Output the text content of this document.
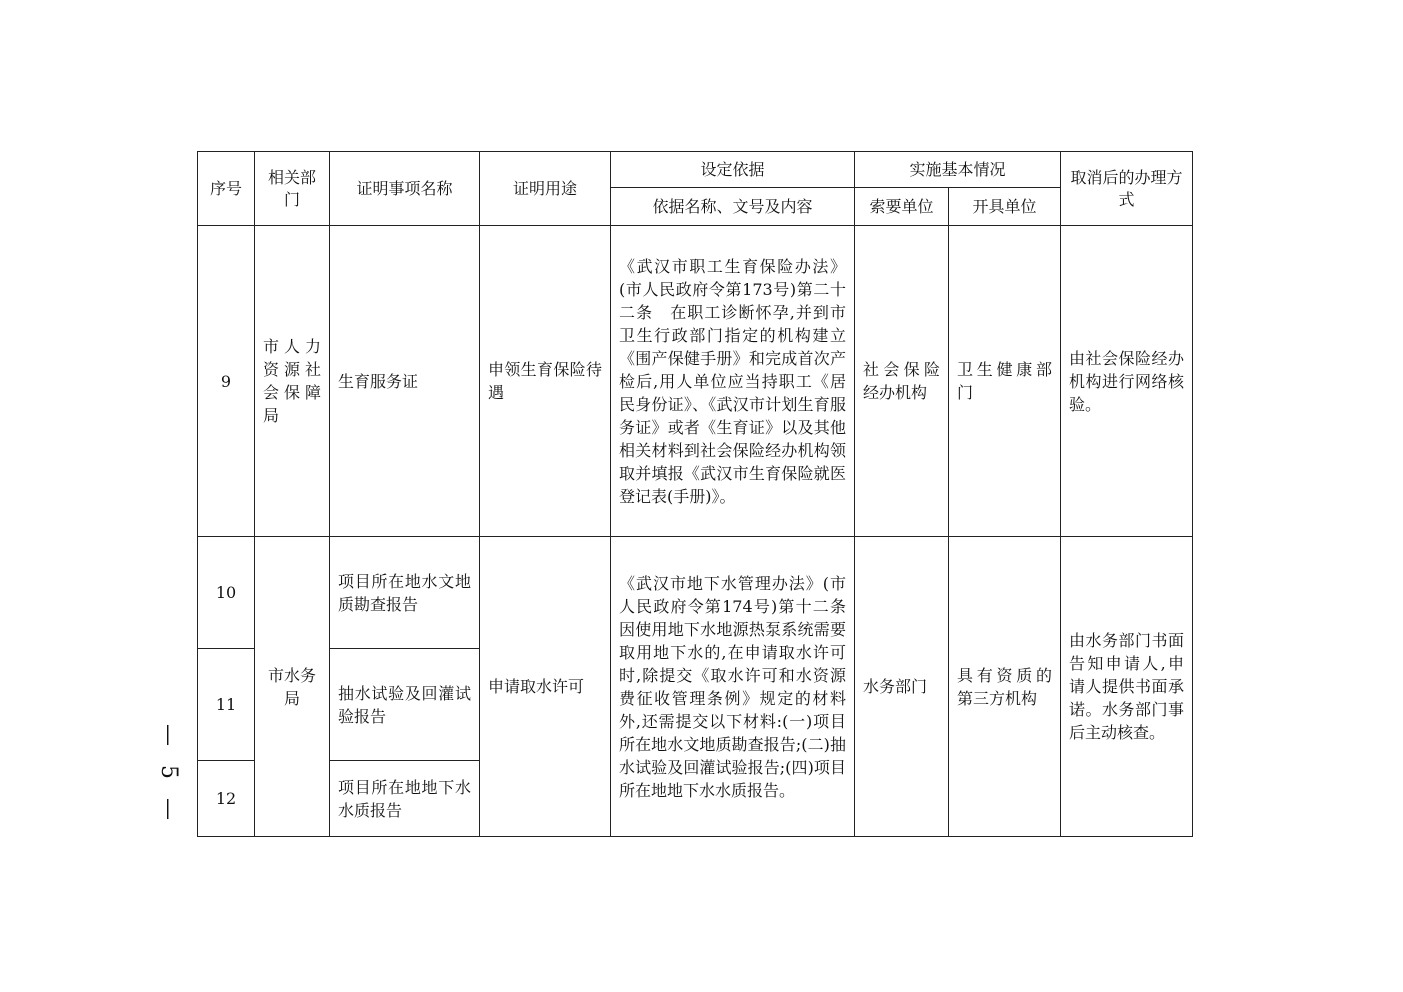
序号	相关部门	证明事项名称	证明用途	设定依据	实施基本情况		取消后的办理方式
				依据名称、文号及内容	索要单位	开具单位	
9	市人力资源社会保障局	生育服务证	申领生育保险待遇	《武汉市职工生育保险办法》(市人民政府令第173号)第二十二条　在职工诊断怀孕,并到市卫生行政部门指定的机构建立《围产保健手册》和完成首次产检后,用人单位应当持职工《居民身份证》、《武汉市计划生育服务证》或者《生育证》以及其他相关材料到社会保险经办机构领取并填报《武汉市生育保险就医登记表(手册)》。	社会保险经办机构	卫生健康部门	由社会保险经办机构进行网络核验。
10	市水务局	项目所在地水文地质勘查报告	申请取水许可	《武汉市地下水管理办法》(市人民政府令第174号)第十二条　因使用地下水地源热泵系统需要取用地下水的,在申请取水许可时,除提交《取水许可和水资源费征收管理条例》规定的材料外,还需提交以下材料:(一)项目所在地水文地质勘查报告;(二)抽水试验及回灌试验报告;(四)项目所在地地下水水质报告。	水务部门	具有资质的第三方机构	由水务部门书面告知申请人,申请人提供书面承诺。水务部门事后主动核查。
11		抽水试验及回灌试验报告					
12		项目所在地地下水水质报告					
— 5 —
